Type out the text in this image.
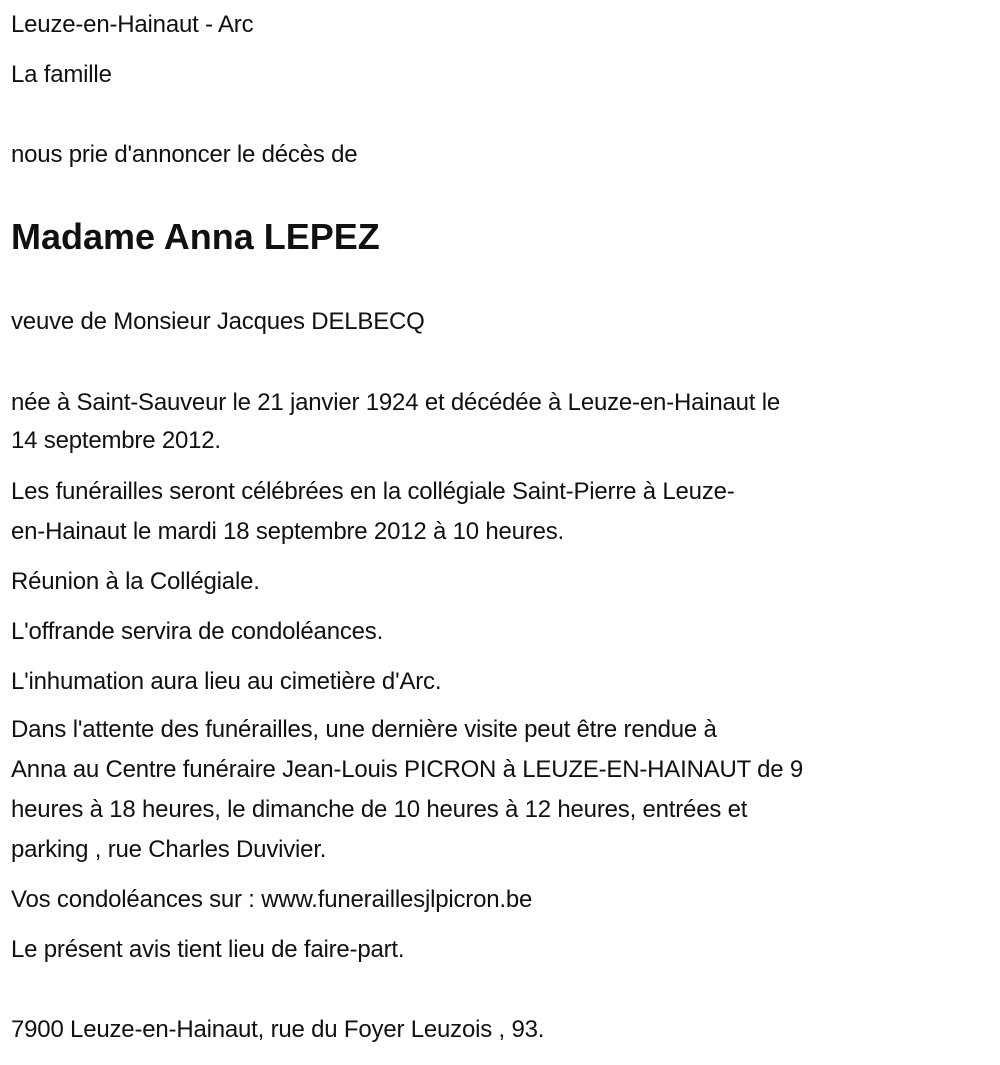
Leuze-en-Hainaut - Arc
La famille
nous prie d'annoncer le décès de
Madame Anna LEPEZ
veuve de Monsieur Jacques DELBECQ
née à Saint-Sauveur le 21 janvier 1924 et décédée à Leuze-en-Hainaut le
14 septembre 2012.
Les funérailles seront célébrées en la collégiale Saint-Pierre à Leuze-
en-Hainaut le mardi 18 septembre 2012 à 10 heures.
Réunion à la Collégiale.
L'offrande servira de condoléances.
L'inhumation aura lieu au cimetière d'Arc.
Dans l'attente des funérailles, une dernière visite peut être rendue à
Anna au Centre funéraire Jean-Louis PICRON à LEUZE-EN-HAINAUT de 9
heures à 18 heures, le dimanche de 10 heures à 12 heures, entrées et
parking , rue Charles Duvivier.
Vos condoléances sur : www.funeraillesjlpicron.be
Le présent avis tient lieu de faire-part.
7900 Leuze-en-Hainaut, rue du Foyer Leuzois , 93.
